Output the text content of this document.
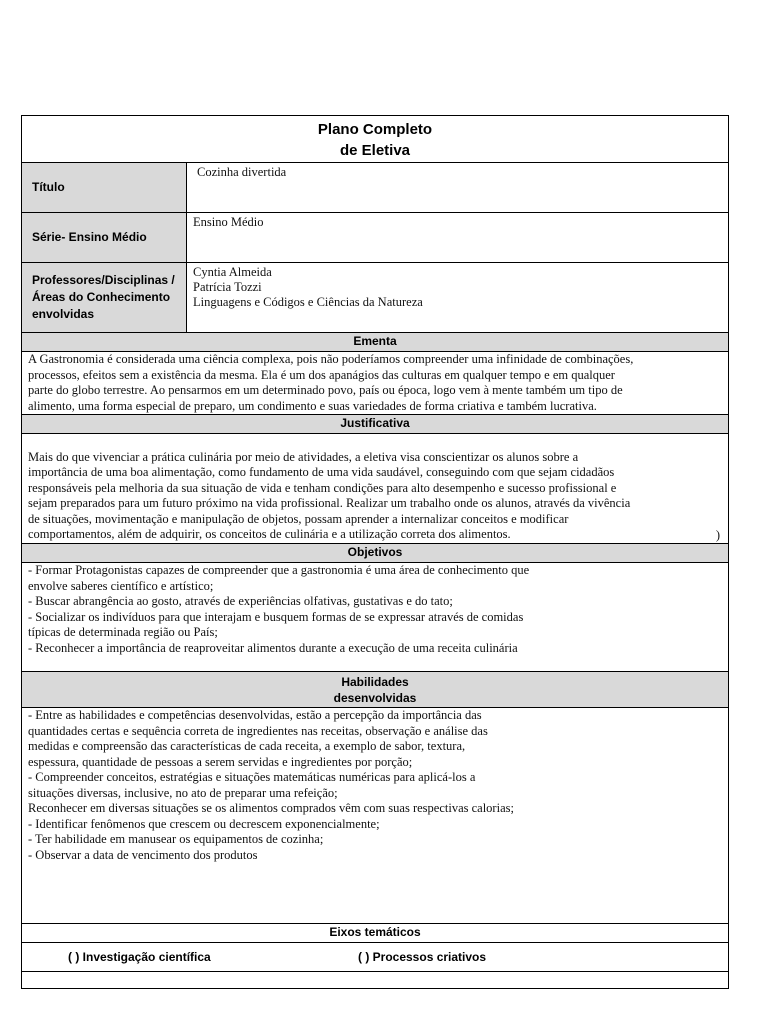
Plano Completo
de Eletiva
Título
Cozinha divertida
Série- Ensino Médio
Ensino Médio
Professores/Disciplinas / Áreas do Conhecimento envolvidas
Cyntia Almeida
Patrícia Tozzi
Linguagens e Códigos e Ciências da Natureza
Ementa
A Gastronomia é considerada uma ciência complexa, pois não poderíamos compreender uma infinidade de combinações,
processos, efeitos sem a existência da mesma. Ela é um dos apanágios das culturas em qualquer tempo e em qualquer
parte do globo terrestre. Ao pensarmos em um determinado povo, país ou época, logo vem à mente também um tipo de
alimento, uma forma especial de preparo, um condimento e suas variedades de forma criativa e também lucrativa.
Justificativa

Mais do que vivenciar a prática culinária por meio de atividades, a eletiva visa conscientizar os alunos sobre a
importância de uma boa alimentação, como fundamento de uma vida saudável, conseguindo com que sejam cidadãos
responsáveis pela melhoria da sua situação de vida e tenham condições para alto desempenho e sucesso profissional e
sejam preparados para um futuro próximo na vida profissional. Realizar um trabalho onde os alunos, através da vivência
de situações, movimentação e manipulação de objetos, possam aprender a internalizar conceitos e modificar
comportamentos, além de adquirir, os conceitos de culinária e a utilização correta dos alimentos.	)

Objetivos
- Formar Protagonistas capazes de compreender que a gastronomia é uma área de conhecimento que
envolve saberes científico e artístico;
- Buscar abrangência ao gosto, através de experiências olfativas, gustativas e do tato;
- Socializar os indivíduos para que interajam e busquem formas de se expressar através de comidas
típicas de determinada região ou País;
- Reconhecer a importância de reaproveitar alimentos durante a execução de uma receita culinária
Habilidades
desenvolvidas
- Entre as habilidades e competências desenvolvidas, estão a percepção da importância das
quantidades certas e sequência correta de ingredientes nas receitas, observação e análise das
medidas e compreensão das características de cada receita, a exemplo de sabor, textura,
espessura, quantidade de pessoas a serem servidas e ingredientes por porção;
- Compreender conceitos, estratégias e situações matemáticas numéricas para aplicá-los a
situações diversas, inclusive, no ato de preparar uma refeição;
Reconhecer em diversas situações se os alimentos comprados vêm com suas respectivas calorias;
- Identificar fenômenos que crescem ou decrescem exponencialmente;
- Ter habilidade em manusear os equipamentos de cozinha;
- Observar a data de vencimento dos produtos
Eixos temáticos
( ) Investigação científica	( ) Processos criativos
